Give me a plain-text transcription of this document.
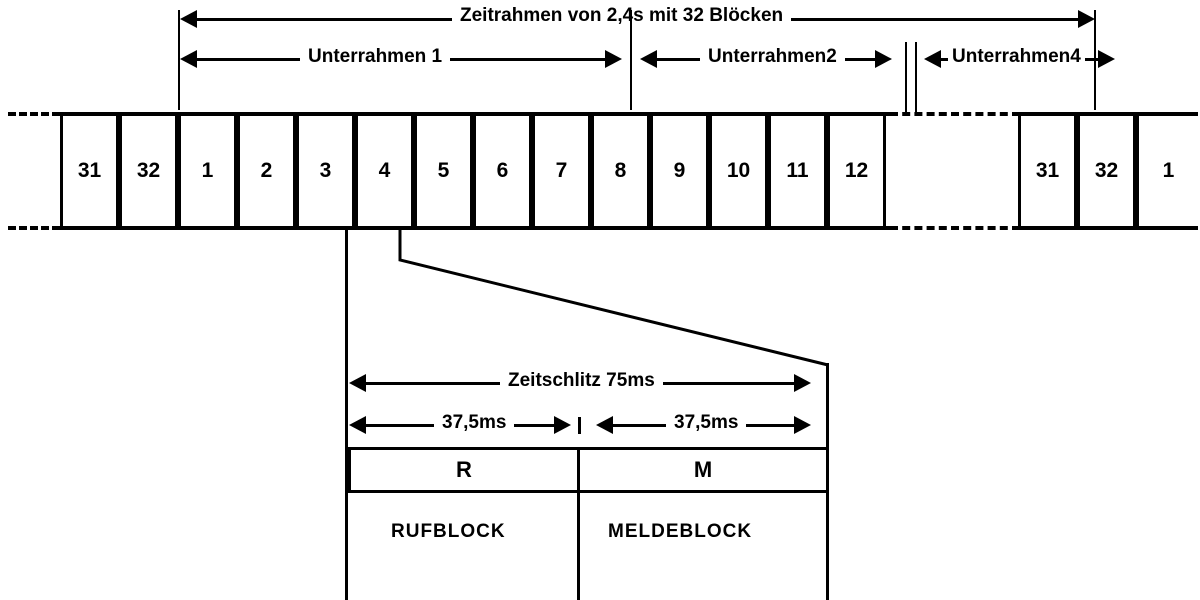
Zeitrahmen von 2,4s mit 32 Blöcken
Unterrahmen 1	Unterrahmen2	Unterrahmen4
31	32	1	2	3	4	5	6	7	8	9	10	11	12	31	32	1
Zeitschlitz 75ms
37,5ms	37,5ms
R	M
RUFBLOCK	MELDEBLOCK
